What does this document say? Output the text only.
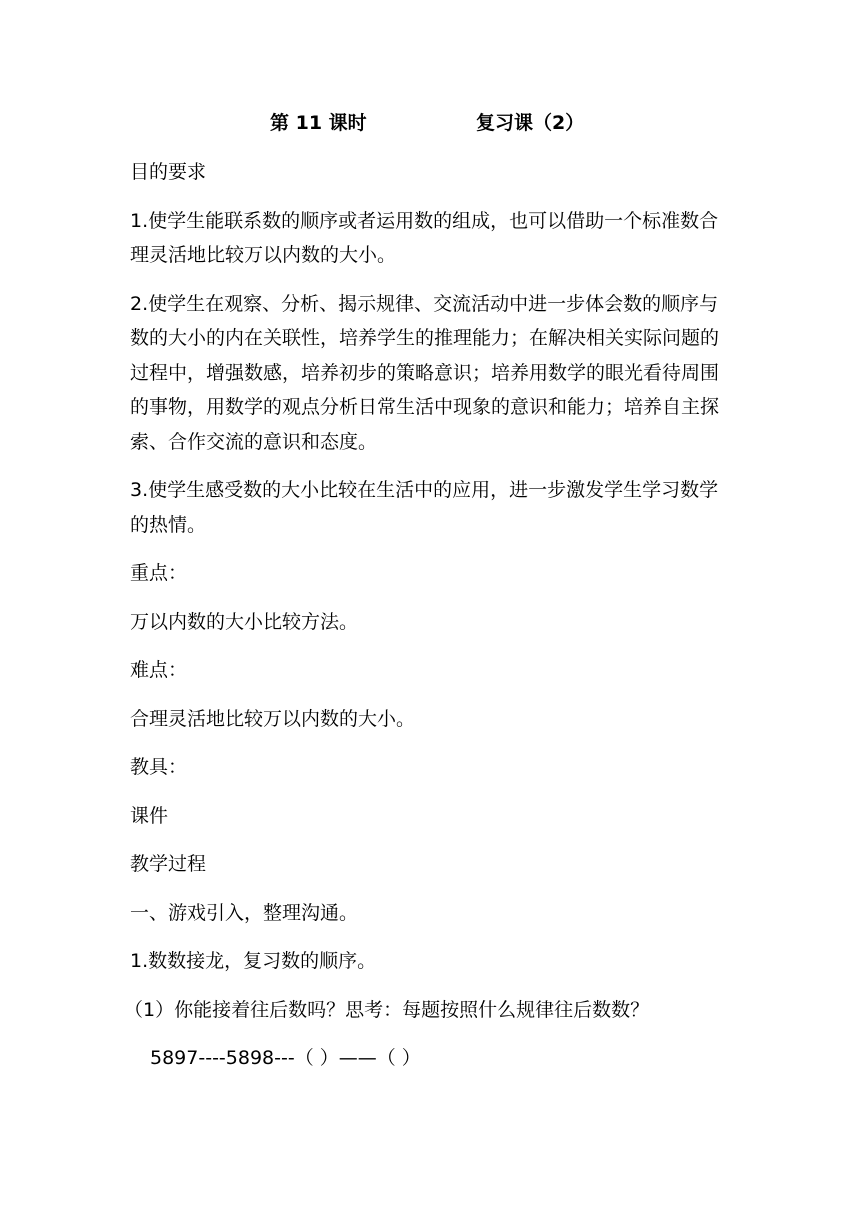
第 11 课时	复习课（2）

目的要求

1.使学生能联系数的顺序或者运用数的组成，也可以借助一个标准数合理灵活地比较万以内数的大小。

2.使学生在观察、分析、揭示规律、交流活动中进一步体会数的顺序与数的大小的内在关联性，培养学生的推理能力；在解决相关实际问题的过程中，增强数感，培养初步的策略意识；培养用数学的眼光看待周围的事物，用数学的观点分析日常生活中现象的意识和能力；培养自主探索、合作交流的意识和态度。

3.使学生感受数的大小比较在生活中的应用，进一步激发学生学习数学的热情。

重点：

万以内数的大小比较方法。

难点：

合理灵活地比较万以内数的大小。

教具：

课件

教学过程

一、游戏引入，整理沟通。

1.数数接龙，复习数的顺序。

（1）你能接着往后数吗？思考：每题按照什么规律往后数数？

5897----5898---（ ）——（ ）
